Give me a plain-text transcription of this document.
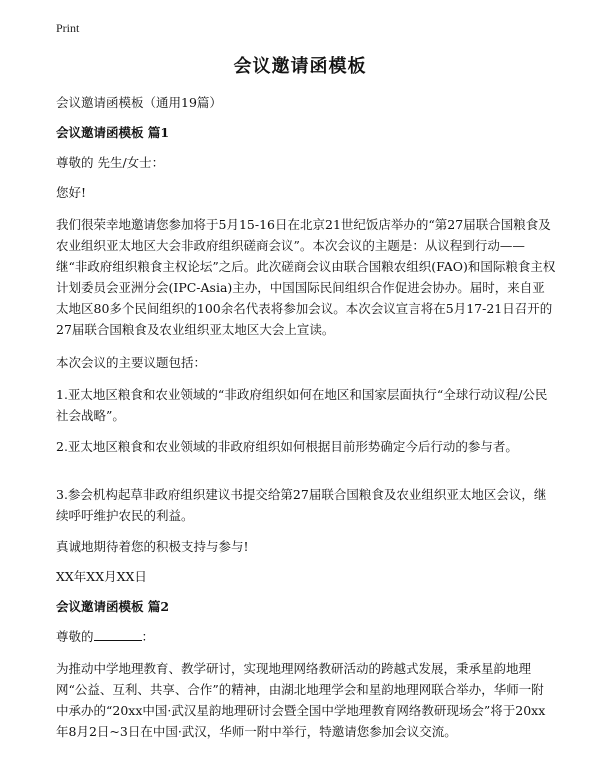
Print
会议邀请函模板
会议邀请函模板（通用19篇）
会议邀请函模板 篇1
尊敬的 先生/女士：
您好!
我们很荣幸地邀请您参加将于5月15-16日在北京21世纪饭店举办的“第27届联合国粮食及农业组织亚太地区大会非政府组织磋商会议”。本次会议的主题是：从议程到行动——继“非政府组织粮食主权论坛”之后。此次磋商会议由联合国粮农组织(FAO)和国际粮食主权计划委员会亚洲分会(IPC-Asia)主办，中国国际民间组织合作促进会协办。届时，来自亚太地区80多个民间组织的100余名代表将参加会议。本次会议宣言将在5月17-21日召开的27届联合国粮食及农业组织亚太地区大会上宣读。
本次会议的主要议题包括：
1.亚太地区粮食和农业领域的“非政府组织如何在地区和国家层面执行“全球行动议程/公民社会战略”。
2.亚太地区粮食和农业领域的非政府组织如何根据目前形势确定今后行动的参与者。
3.参会机构起草非政府组织建议书提交给第27届联合国粮食及农业组织亚太地区会议，继续呼吁维护农民的利益。
真诚地期待着您的积极支持与参与!
XX年XX月XX日
会议邀请函模板 篇2
尊敬的	：
为推动中学地理教育、教学研讨，实现地理网络教研活动的跨越式发展，秉承星韵地理网“公益、互利、共享、合作”的精神，由湖北地理学会和星韵地理网联合举办，华师一附中承办的“20xx中国·武汉星韵地理研讨会暨全国中学地理教育网络教研现场会”将于20xx年8月2日~3日在中国·武汉，华师一附中举行，特邀请您参加会议交流。
